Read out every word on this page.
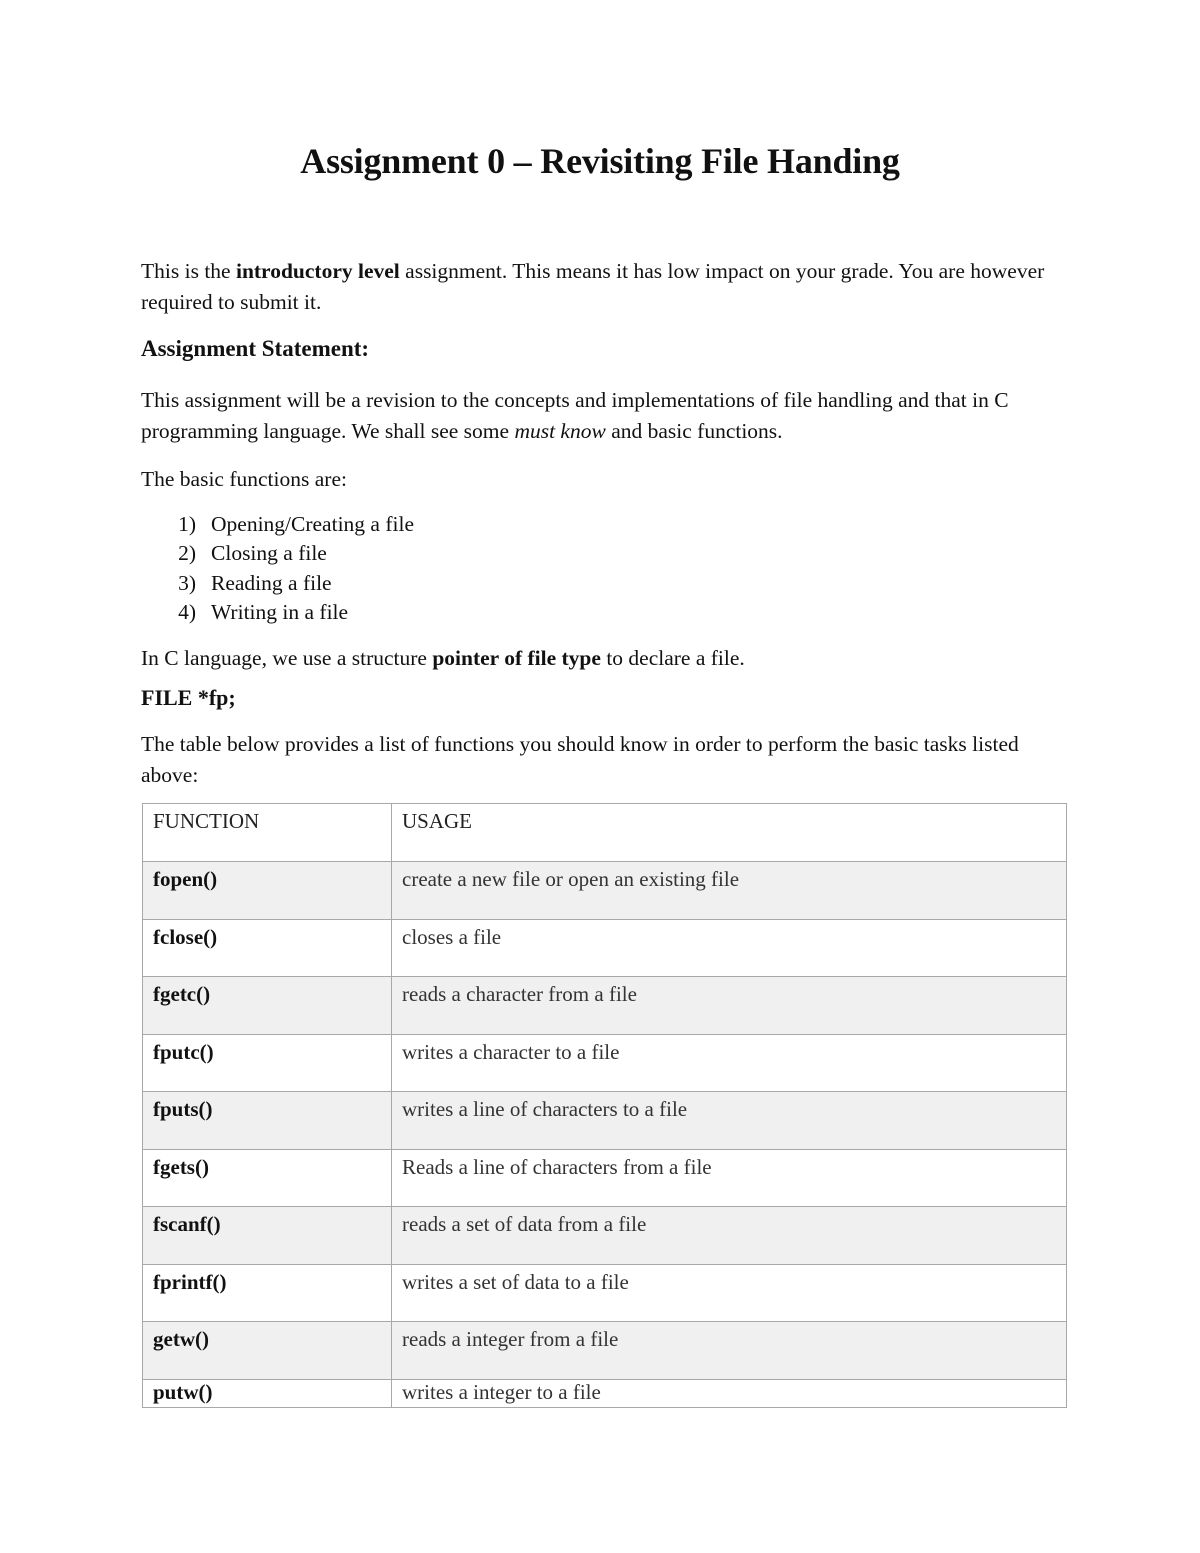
Assignment 0 – Revisiting File Handing

This is the introductory level assignment. This means it has low impact on your grade. You are however required to submit it.

Assignment Statement:

This assignment will be a revision to the concepts and implementations of file handling and that in C programming language. We shall see some must know and basic functions.

The basic functions are:

1) Opening/Creating a file
2) Closing a file
3) Reading a file
4) Writing in a file

In C language, we use a structure pointer of file type to declare a file.

FILE *fp;

The table below provides a list of functions you should know in order to perform the basic tasks listed above:

FUNCTION	USAGE
fopen()	create a new file or open an existing file
fclose()	closes a file
fgetc()	reads a character from a file
fputc()	writes a character to a file
fputs()	writes a line of characters to a file
fgets()	Reads a line of characters from a file
fscanf()	reads a set of data from a file
fprintf()	writes a set of data to a file
getw()	reads a integer from a file
putw()	writes a integer to a file
